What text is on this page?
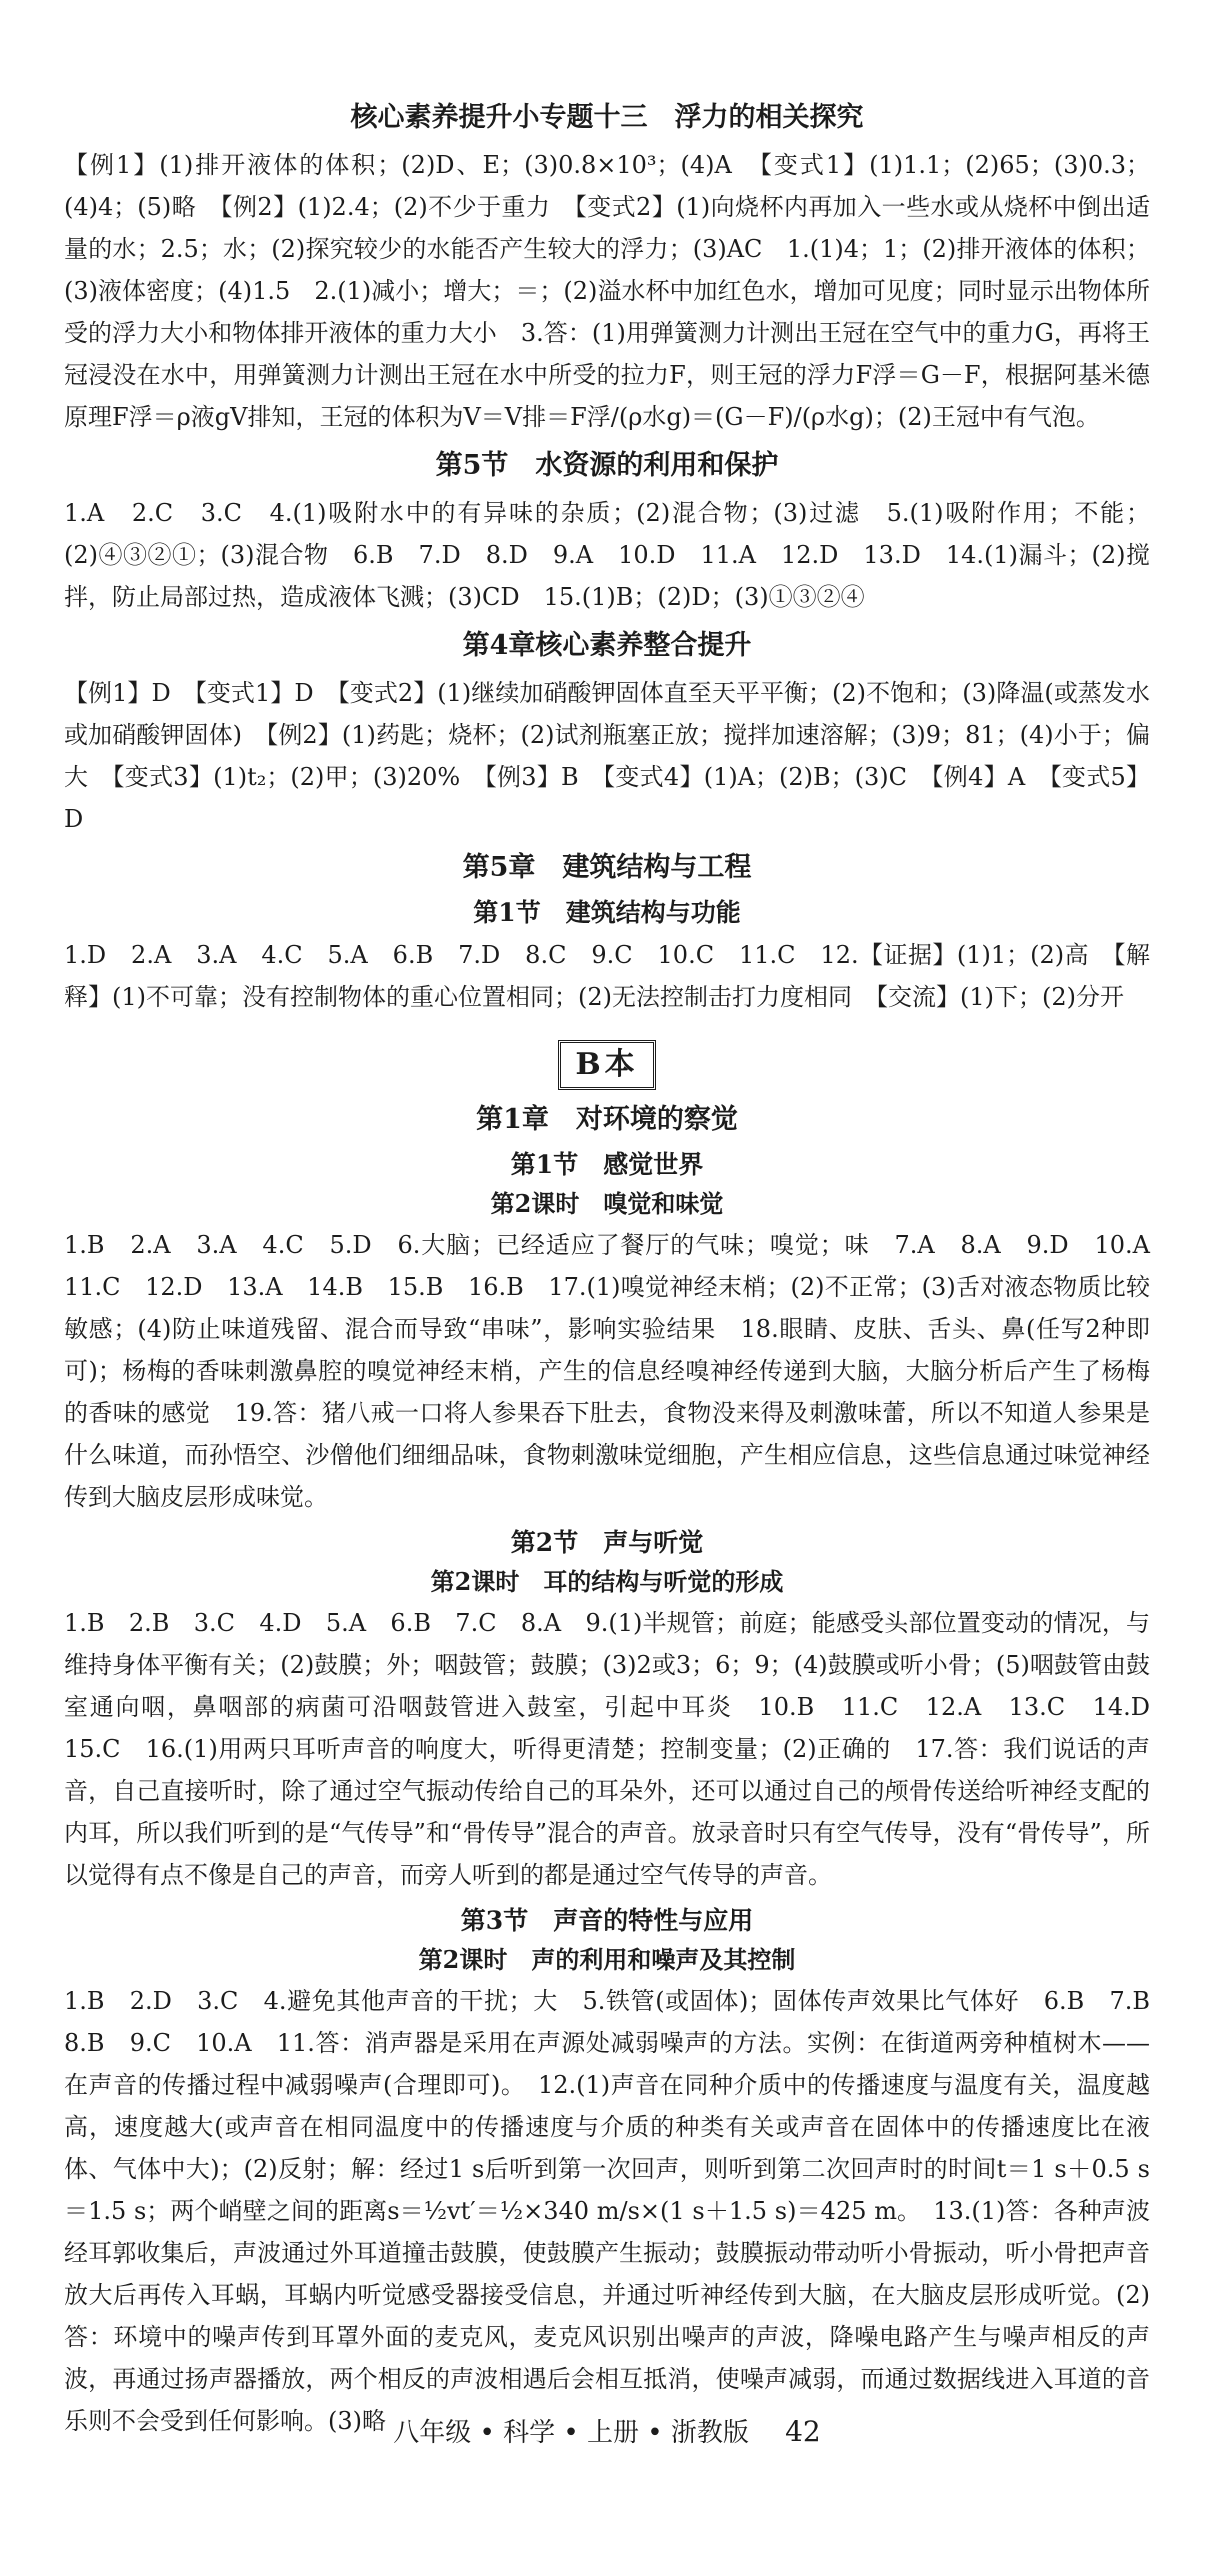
核心素养提升小专题十三　浮力的相关探究

【例1】(1)排开液体的体积；(2)D、E；(3)0.8×10³；(4)A　【变式1】(1)1.1；(2)65；(3)0.3；(4)4；(5)略　【例2】(1)2.4；(2)不少于重力　【变式2】(1)向烧杯内再加入一些水或从烧杯中倒出适量的水；2.5；水；(2)探究较少的水能否产生较大的浮力；(3)AC　1.(1)4；1；(2)排开液体的体积；(3)液体密度；(4)1.5　2.(1)减小；增大；＝；(2)溢水杯中加红色水，增加可见度；同时显示出物体所受的浮力大小和物体排开液体的重力大小　3.答：(1)用弹簧测力计测出王冠在空气中的重力G，再将王冠浸没在水中，用弹簧测力计测出王冠在水中所受的拉力F，则王冠的浮力F浮＝G－F，根据阿基米德原理F浮＝ρ液gV排知，王冠的体积为V＝V排＝F浮/(ρ水g)＝(G－F)/(ρ水g)；(2)王冠中有气泡。

第5节　水资源的利用和保护

1.A　2.C　3.C　4.(1)吸附水中的有异味的杂质；(2)混合物；(3)过滤　5.(1)吸附作用；不能；(2)④③②①；(3)混合物　6.B　7.D　8.D　9.A　10.D　11.A　12.D　13.D　14.(1)漏斗；(2)搅拌，防止局部过热，造成液体飞溅；(3)CD　15.(1)B；(2)D；(3)①③②④

第4章核心素养整合提升

【例1】D　【变式1】D　【变式2】(1)继续加硝酸钾固体直至天平平衡；(2)不饱和；(3)降温(或蒸发水或加硝酸钾固体)　【例2】(1)药匙；烧杯；(2)试剂瓶塞正放；搅拌加速溶解；(3)9；81；(4)小于；偏大　【变式3】(1)t₂；(2)甲；(3)20%　【例3】B　【变式4】(1)A；(2)B；(3)C　【例4】A　【变式5】D

第5章　建筑结构与工程
第1节　建筑结构与功能

1.D　2.A　3.A　4.C　5.A　6.B　7.D　8.C　9.C　10.C　11.C　12.【证据】(1)1；(2)高　【解释】(1)不可靠；没有控制物体的重心位置相同；(2)无法控制击打力度相同　【交流】(1)下；(2)分开

B本
第1章　对环境的察觉
第1节　感觉世界
第2课时　嗅觉和味觉

1.B　2.A　3.A　4.C　5.D　6.大脑；已经适应了餐厅的气味；嗅觉；味　7.A　8.A　9.D　10.A　11.C　12.D　13.A　14.B　15.B　16.B　17.(1)嗅觉神经末梢；(2)不正常；(3)舌对液态物质比较敏感；(4)防止味道残留、混合而导致“串味”，影响实验结果　18.眼睛、皮肤、舌头、鼻(任写2种即可)；杨梅的香味刺激鼻腔的嗅觉神经末梢，产生的信息经嗅神经传递到大脑，大脑分析后产生了杨梅的香味的感觉　19.答：猪八戒一口将人参果吞下肚去，食物没来得及刺激味蕾，所以不知道人参果是什么味道，而孙悟空、沙僧他们细细品味，食物刺激味觉细胞，产生相应信息，这些信息通过味觉神经传到大脑皮层形成味觉。

第2节　声与听觉
第2课时　耳的结构与听觉的形成

1.B　2.B　3.C　4.D　5.A　6.B　7.C　8.A　9.(1)半规管；前庭；能感受头部位置变动的情况，与维持身体平衡有关；(2)鼓膜；外；咽鼓管；鼓膜；(3)2或3；6；9；(4)鼓膜或听小骨；(5)咽鼓管由鼓室通向咽，鼻咽部的病菌可沿咽鼓管进入鼓室，引起中耳炎　10.B　11.C　12.A　13.C　14.D　15.C　16.(1)用两只耳听声音的响度大，听得更清楚；控制变量；(2)正确的　17.答：我们说话的声音，自己直接听时，除了通过空气振动传给自己的耳朵外，还可以通过自己的颅骨传送给听神经支配的内耳，所以我们听到的是“气传导”和“骨传导”混合的声音。放录音时只有空气传导，没有“骨传导”，所以觉得有点不像是自己的声音，而旁人听到的都是通过空气传导的声音。

第3节　声音的特性与应用
第2课时　声的利用和噪声及其控制

1.B　2.D　3.C　4.避免其他声音的干扰；大　5.铁管(或固体)；固体传声效果比气体好　6.B　7.B　8.B　9.C　10.A　11.答：消声器是采用在声源处减弱噪声的方法。实例：在街道两旁种植树木——在声音的传播过程中减弱噪声(合理即可)。　12.(1)声音在同种介质中的传播速度与温度有关，温度越高，速度越大(或声音在相同温度中的传播速度与介质的种类有关或声音在固体中的传播速度比在液体、气体中大)；(2)反射；解：经过1 s后听到第一次回声，则听到第二次回声时的时间t＝1 s＋0.5 s＝1.5 s；两个峭壁之间的距离s＝½vt′＝½×340 m/s×(1 s＋1.5 s)＝425 m。　13.(1)答：各种声波经耳郭收集后，声波通过外耳道撞击鼓膜，使鼓膜产生振动；鼓膜振动带动听小骨振动，听小骨把声音放大后再传入耳蜗，耳蜗内听觉感受器接受信息，并通过听神经传到大脑，在大脑皮层形成听觉。(2)答：环境中的噪声传到耳罩外面的麦克风，麦克风识别出噪声的声波，降噪电路产生与噪声相反的声波，再通过扬声器播放，两个相反的声波相遇后会相互抵消，使噪声减弱，而通过数据线进入耳道的音乐则不会受到任何影响。(3)略 八年级 • 科学 • 上册 • 浙教版 42
